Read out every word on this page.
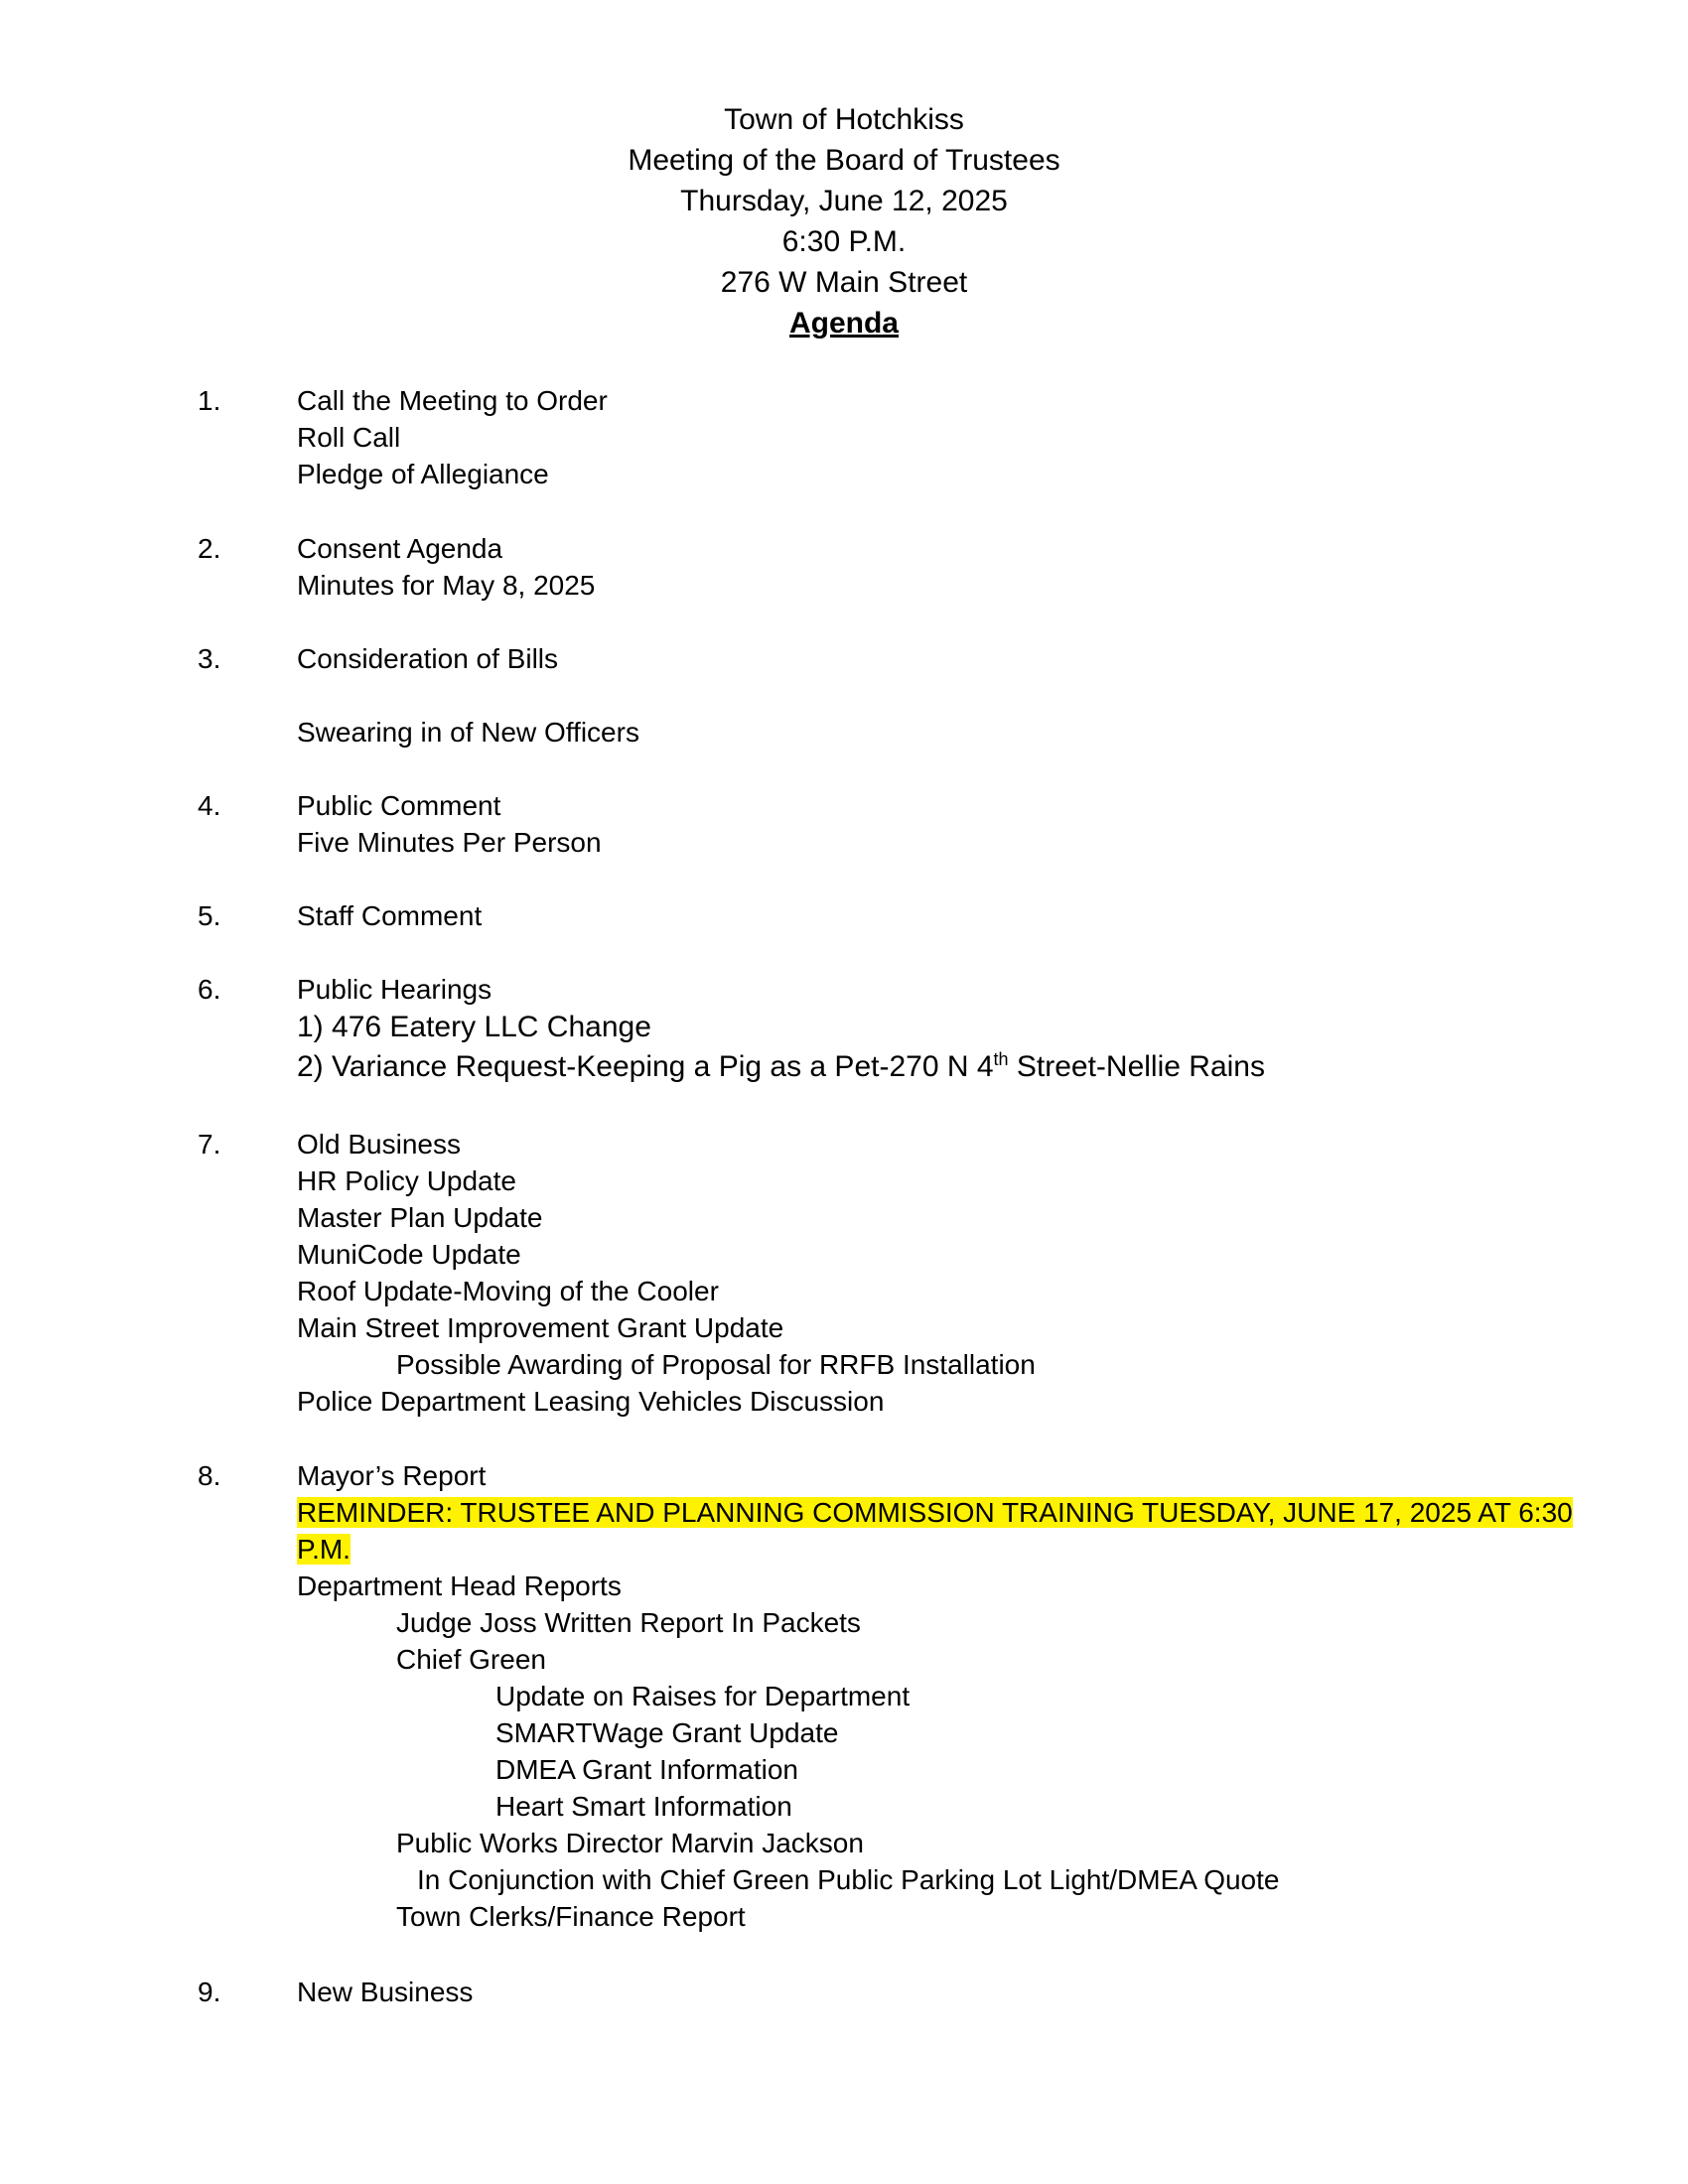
Town of Hotchkiss
Meeting of the Board of Trustees
Thursday, June 12, 2025
6:30 P.M.
276 W Main Street
Agenda
1.	Call the Meeting to Order
Roll Call
Pledge of Allegiance
2.	Consent Agenda
Minutes for May 8, 2025
3.	Consideration of Bills
Swearing in of New Officers
4.	Public Comment
Five Minutes Per Person
5.	Staff Comment
6.	Public Hearings
1) 476 Eatery LLC Change
2) Variance Request-Keeping a Pig as a Pet-270 N 4th Street-Nellie Rains
7.	Old Business
HR Policy Update
Master Plan Update
MuniCode Update
Roof Update-Moving of the Cooler
Main Street Improvement Grant Update
Possible Awarding of Proposal for RRFB Installation
Police Department Leasing Vehicles Discussion
8.	Mayor’s Report
REMINDER: TRUSTEE AND PLANNING COMMISSION TRAINING TUESDAY, JUNE 17, 2025 AT 6:30
P.M.
Department Head Reports
Judge Joss Written Report In Packets
Chief Green
Update on Raises for Department
SMARTWage Grant Update
DMEA Grant Information
Heart Smart Information
Public Works Director Marvin Jackson
In Conjunction with Chief Green Public Parking Lot Light/DMEA Quote
Town Clerks/Finance Report
9.	New Business
